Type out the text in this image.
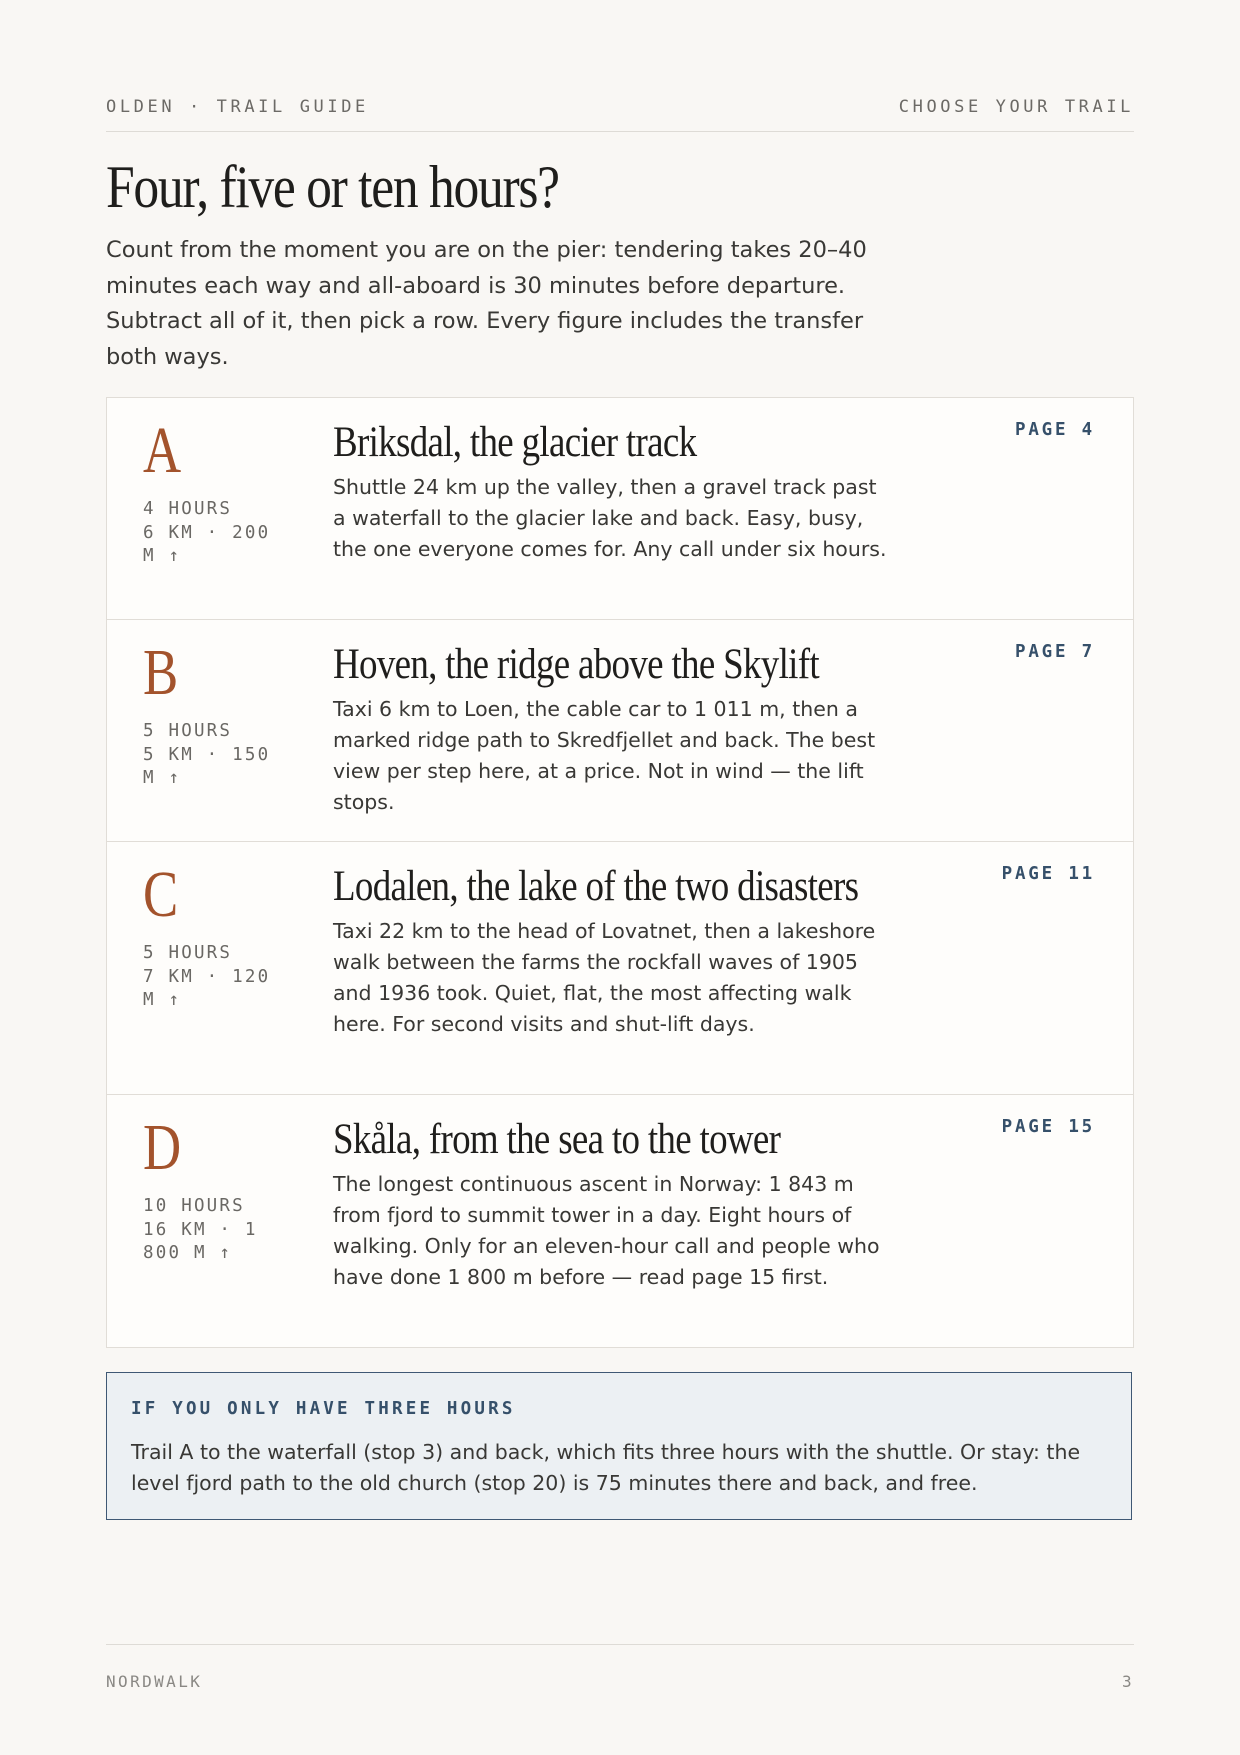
OLDEN · TRAIL GUIDE	CHOOSE YOUR TRAIL
Four, five or ten hours?

Count from the moment you are on the pier: tendering takes 20–40 minutes each way and all-aboard is 30 minutes before departure. Subtract all of it, then pick a row. Every figure includes the transfer both ways.

A
4 HOURS
6 KM · 200
M ↑
Briksdal, the glacier track

Shuttle 24 km up the valley, then a gravel track past a waterfall to the glacier lake and back. Easy, busy, the one everyone comes for. Any call under six hours.

PAGE 4
B
5 HOURS
5 KM · 150
M ↑
Hoven, the ridge above the Skylift

Taxi 6 km to Loen, the cable car to 1 011 m, then a marked ridge path to Skredfjellet and back. The best view per step here, at a price. Not in wind — the lift stops.

PAGE 7
C
5 HOURS
7 KM · 120
M ↑
Lodalen, the lake of the two disasters

Taxi 22 km to the head of Lovatnet, then a lakeshore walk between the farms the rockfall waves of 1905 and 1936 took. Quiet, flat, the most affecting walk here. For second visits and shut-lift days.

PAGE 11
D
10 HOURS
16 KM · 1
800 M ↑
Skåla, from the sea to the tower

The longest continuous ascent in Norway: 1 843 m from fjord to summit tower in a day. Eight hours of walking. Only for an eleven-hour call and people who have done 1 800 m before — read page 15 first.

PAGE 15
IF YOU ONLY HAVE THREE HOURS

Trail A to the waterfall (stop 3) and back, which fits three hours with the shuttle. Or stay: the level fjord path to the old church (stop 20) is 75 minutes there and back, and free.

NORDWALK	3
